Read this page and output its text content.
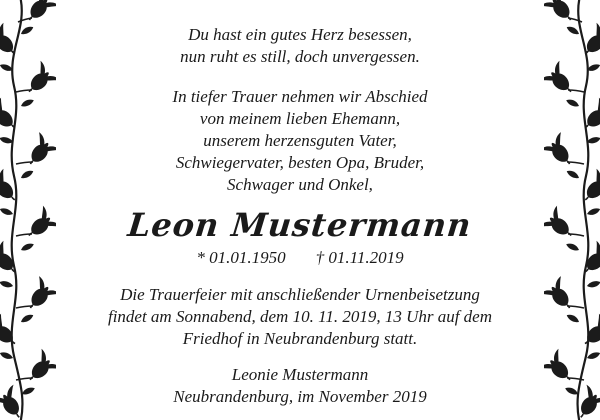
Du hast ein gutes Herz besessen,
nun ruht es still, doch unvergessen.
In tiefer Trauer nehmen wir Abschied
von meinem lieben Ehemann,
unserem herzensguten Vater,
Schwiegervater, besten Opa, Bruder,
Schwager und Onkel,
Leon Mustermann
* 01.01.1950 † 01.11.2019
Die Trauerfeier mit anschließender Urnenbeisetzung
findet am Sonnabend, dem 10. 11. 2019, 13 Uhr auf dem
Friedhof in Neubrandenburg statt.
Leonie Mustermann
Neubrandenburg, im November 2019
